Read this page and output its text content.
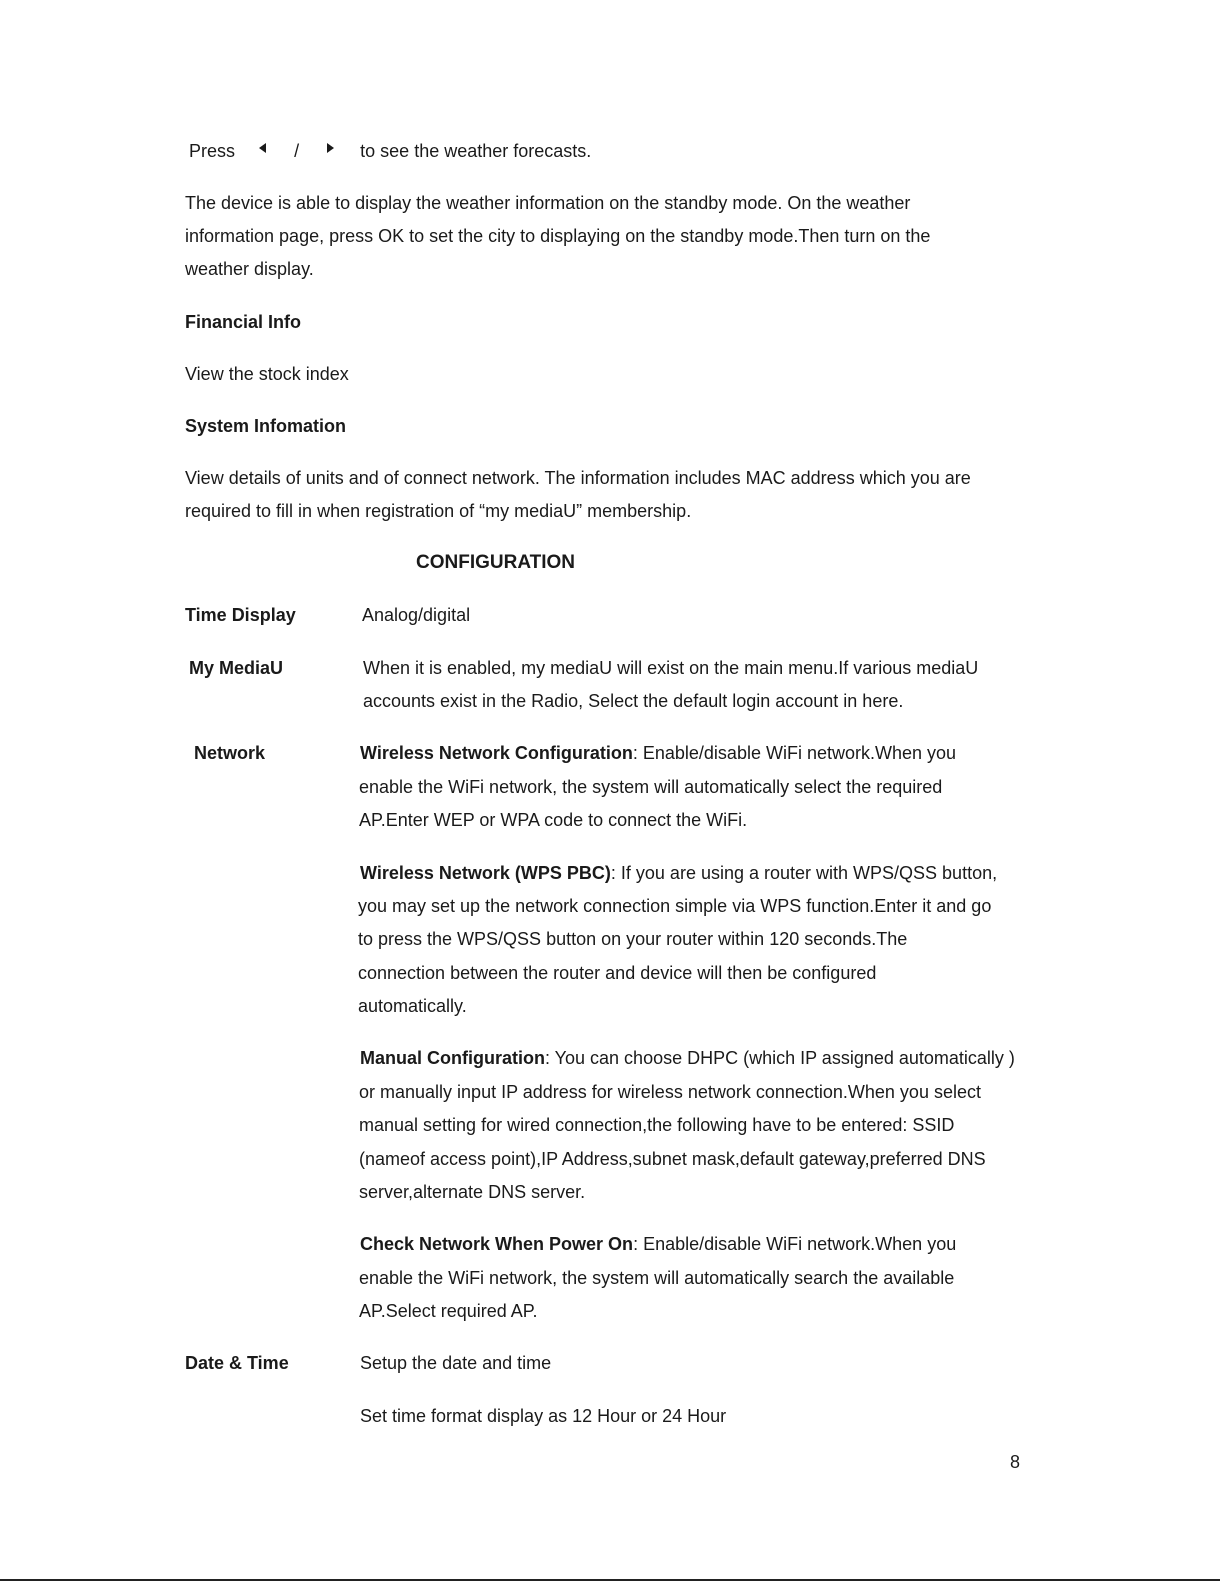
Press	/	to see the weather forecasts.
The device is able to display the weather information on the standby mode. On the weather
information page, press OK to set the city to displaying on the standby mode.Then turn on the
weather display.
Financial Info
View the stock index
System Infomation
View details of units and of connect network. The information includes MAC address which you are
required to fill in when registration of “my mediaU” membership.
CONFIGURATION
Time Display	Analog/digital
My MediaU	When it is enabled, my mediaU will exist on the main menu.If various mediaU
accounts exist in the Radio, Select the default login account in here.
Network	Wireless Network Configuration: Enable/disable WiFi network.When you
enable the WiFi network, the system will automatically select the required
AP.Enter WEP or WPA code to connect the WiFi.
Wireless Network (WPS PBC): If you are using a router with WPS/QSS button,
you may set up the network connection simple via WPS function.Enter it and go
to press the WPS/QSS button on your router within 120 seconds.The
connection between the router and device will then be configured
automatically.
Manual Configuration: You can choose DHPC (which IP assigned automatically )
or manually input IP address for wireless network connection.When you select
manual setting for wired connection,the following have to be entered: SSID
(nameof access point),IP Address,subnet mask,default gateway,preferred DNS
server,alternate DNS server.
Check Network When Power On: Enable/disable WiFi network.When you
enable the WiFi network, the system will automatically search the available
AP.Select required AP.
Date & Time	Setup the date and time
Set time format display as 12 Hour or 24 Hour
8
